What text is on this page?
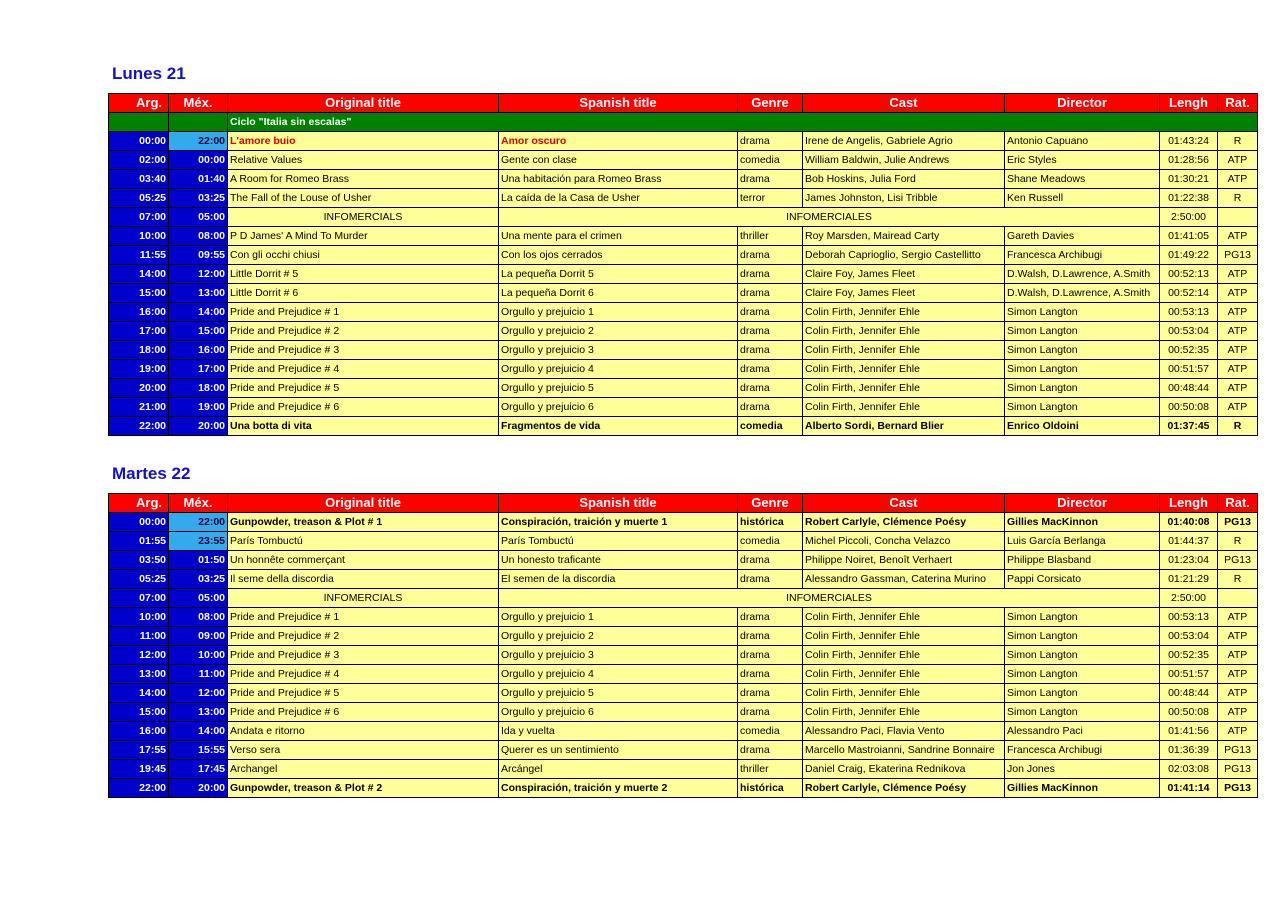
Lunes 21
Arg.	Méx.	Original title	Spanish title	Genre	Cast	Director	Lengh	Rat.
		Ciclo "Italia sin escalas"						
00:00	22:00	L'amore buio	Amor oscuro	drama	Irene de Angelis, Gabriele Agrio	Antonio Capuano	01:43:24	R
02:00	00:00	Relative Values	Gente con clase	comedia	William Baldwin, Julie Andrews	Eric Styles	01:28:56	ATP
03:40	01:40	A Room for Romeo Brass	Una habitación para Romeo Brass	drama	Bob Hoskins, Julia Ford	Shane Meadows	01:30:21	ATP
05:25	03:25	The Fall of the Louse of Usher	La caída de la Casa de Usher	terror	James Johnston, Lisi Tribble	Ken Russell	01:22:38	R
07:00	05:00	INFOMERCIALS	INFOMERCIALES				2:50:00	
10:00	08:00	P D James' A Mind To Murder	Una mente para el crimen	thriller	Roy Marsden, Mairead Carty	Gareth Davies	01:41:05	ATP
11:55	09:55	Con gli occhi chiusi	Con los ojos cerrados	drama	Deborah Caprioglio, Sergio Castellitto	Francesca Archibugi	01:49:22	PG13
14:00	12:00	Little Dorrit # 5	La pequeña Dorrit 5	drama	Claire Foy, James Fleet	D.Walsh, D.Lawrence, A.Smith	00:52:13	ATP
15:00	13:00	Little Dorrit # 6	La pequeña Dorrit 6	drama	Claire Foy, James Fleet	D.Walsh, D.Lawrence, A.Smith	00:52:14	ATP
16:00	14:00	Pride and Prejudice # 1	Orgullo y prejuicio 1	drama	Colin Firth, Jennifer Ehle	Simon Langton	00:53:13	ATP
17:00	15:00	Pride and Prejudice # 2	Orgullo y prejuicio 2	drama	Colin Firth, Jennifer Ehle	Simon Langton	00:53:04	ATP
18:00	16:00	Pride and Prejudice # 3	Orgullo y prejuicio 3	drama	Colin Firth, Jennifer Ehle	Simon Langton	00:52:35	ATP
19:00	17:00	Pride and Prejudice # 4	Orgullo y prejuicio 4	drama	Colin Firth, Jennifer Ehle	Simon Langton	00:51:57	ATP
20:00	18:00	Pride and Prejudice # 5	Orgullo y prejuicio 5	drama	Colin Firth, Jennifer Ehle	Simon Langton	00:48:44	ATP
21:00	19:00	Pride and Prejudice # 6	Orgullo y prejuicio 6	drama	Colin Firth, Jennifer Ehle	Simon Langton	00:50:08	ATP
22:00	20:00	Una botta di vita	Fragmentos de vida	comedia	Alberto Sordi, Bernard Blier	Enrico Oldoini	01:37:45	R
Martes 22
Arg.	Méx.	Original title	Spanish title	Genre	Cast	Director	Lengh	Rat.
00:00	22:00	Gunpowder, treason & Plot # 1	Conspiración, traición y muerte 1	histórica	Robert Carlyle, Clémence Poésy	Gillies MacKinnon	01:40:08	PG13
01:55	23:55	París Tombuctú	París Tombuctú	comedia	Michel Piccoli, Concha Velazco	Luis García Berlanga	01:44:37	R
03:50	01:50	Un honnête commerçant	Un honesto traficante	drama	Philippe Noiret, Benoît Verhaert	Philippe Blasband	01:23:04	PG13
05:25	03:25	Il seme della discordia	El semen de la discordia	drama	Alessandro Gassman, Caterina Murino	Pappi Corsicato	01:21:29	R
07:00	05:00	INFOMERCIALS	INFOMERCIALES				2:50:00	
10:00	08:00	Pride and Prejudice # 1	Orgullo y prejuicio 1	drama	Colin Firth, Jennifer Ehle	Simon Langton	00:53:13	ATP
11:00	09:00	Pride and Prejudice # 2	Orgullo y prejuicio 2	drama	Colin Firth, Jennifer Ehle	Simon Langton	00:53:04	ATP
12:00	10:00	Pride and Prejudice # 3	Orgullo y prejuicio 3	drama	Colin Firth, Jennifer Ehle	Simon Langton	00:52:35	ATP
13:00	11:00	Pride and Prejudice # 4	Orgullo y prejuicio 4	drama	Colin Firth, Jennifer Ehle	Simon Langton	00:51:57	ATP
14:00	12:00	Pride and Prejudice # 5	Orgullo y prejuicio 5	drama	Colin Firth, Jennifer Ehle	Simon Langton	00:48:44	ATP
15:00	13:00	Pride and Prejudice # 6	Orgullo y prejuicio 6	drama	Colin Firth, Jennifer Ehle	Simon Langton	00:50:08	ATP
16:00	14:00	Andata e ritorno	Ida y vuelta	comedia	Alessandro Paci, Flavia Vento	Alessandro Paci	01:41:56	ATP
17:55	15:55	Verso sera	Querer es un sentimiento	drama	Marcello Mastroianni, Sandrine Bonnaire	Francesca Archibugi	01:36:39	PG13
19:45	17:45	Archangel	Arcángel	thriller	Daniel Craig, Ekaterina Rednikova	Jon Jones	02:03:08	PG13
22:00	20:00	Gunpowder, treason & Plot # 2	Conspiración, traición y muerte 2	histórica	Robert Carlyle, Clémence Poésy	Gillies MacKinnon	01:41:14	PG13
